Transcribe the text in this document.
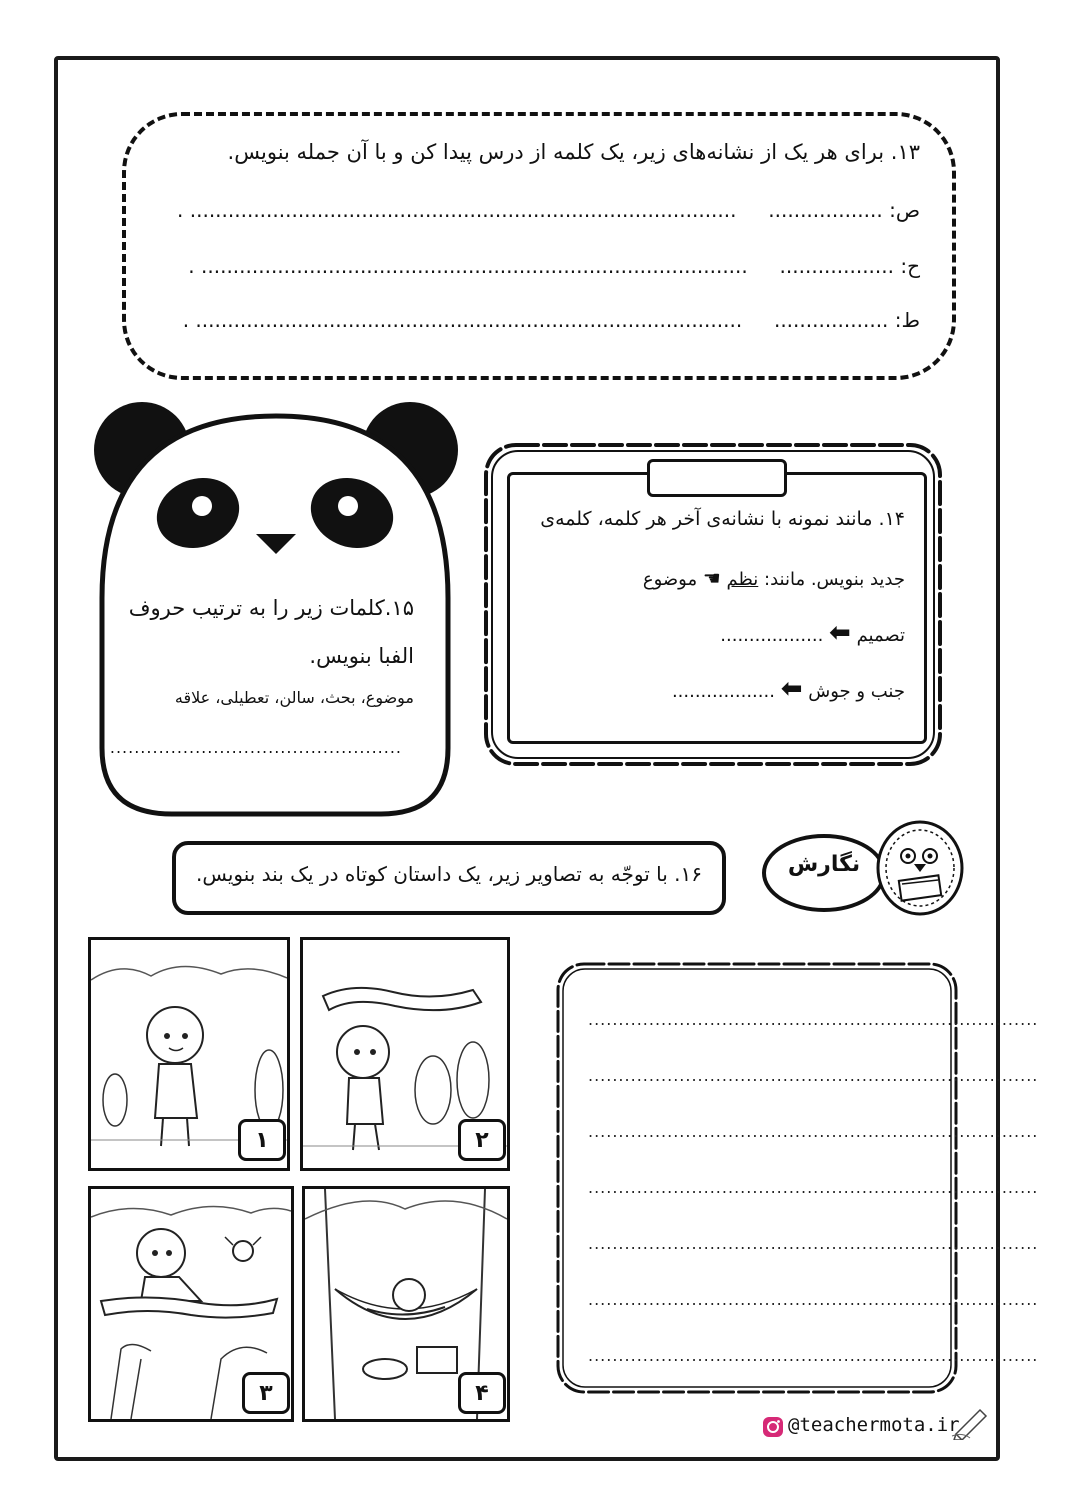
۱۳. برای هر یک از نشانه‌های زیر، یک کلمه از درس پیدا کن و با آن جمله بنویس.
ص: ..................     ...................................................................................... .
ح: ..................     ...................................................................................... .
ط: ..................     ...................................................................................... .
۱۵.کلمات زیر را به ترتیب حروف
الفبا بنویس.
موضوع، بحث، سالن، تعطیلی، علاقه
................................................
۱۴. مانند نمونه با نشانه‌ی آخر هر کلمه، کلمه‌ی
جدید بنویس. مانند: نظم ☚ موضوع
تصمیم ⬅ ..................
جنب و جوش ⬅ ..................
نگارش
۱۶. با توجّه به تصاویر زیر، یک داستان کوتاه در یک بند بنویس.
۱	۲
۳	۴
..........................................................................
..........................................................................
..........................................................................
..........................................................................
..........................................................................
..........................................................................
..........................................................................
@teachermota.ir
